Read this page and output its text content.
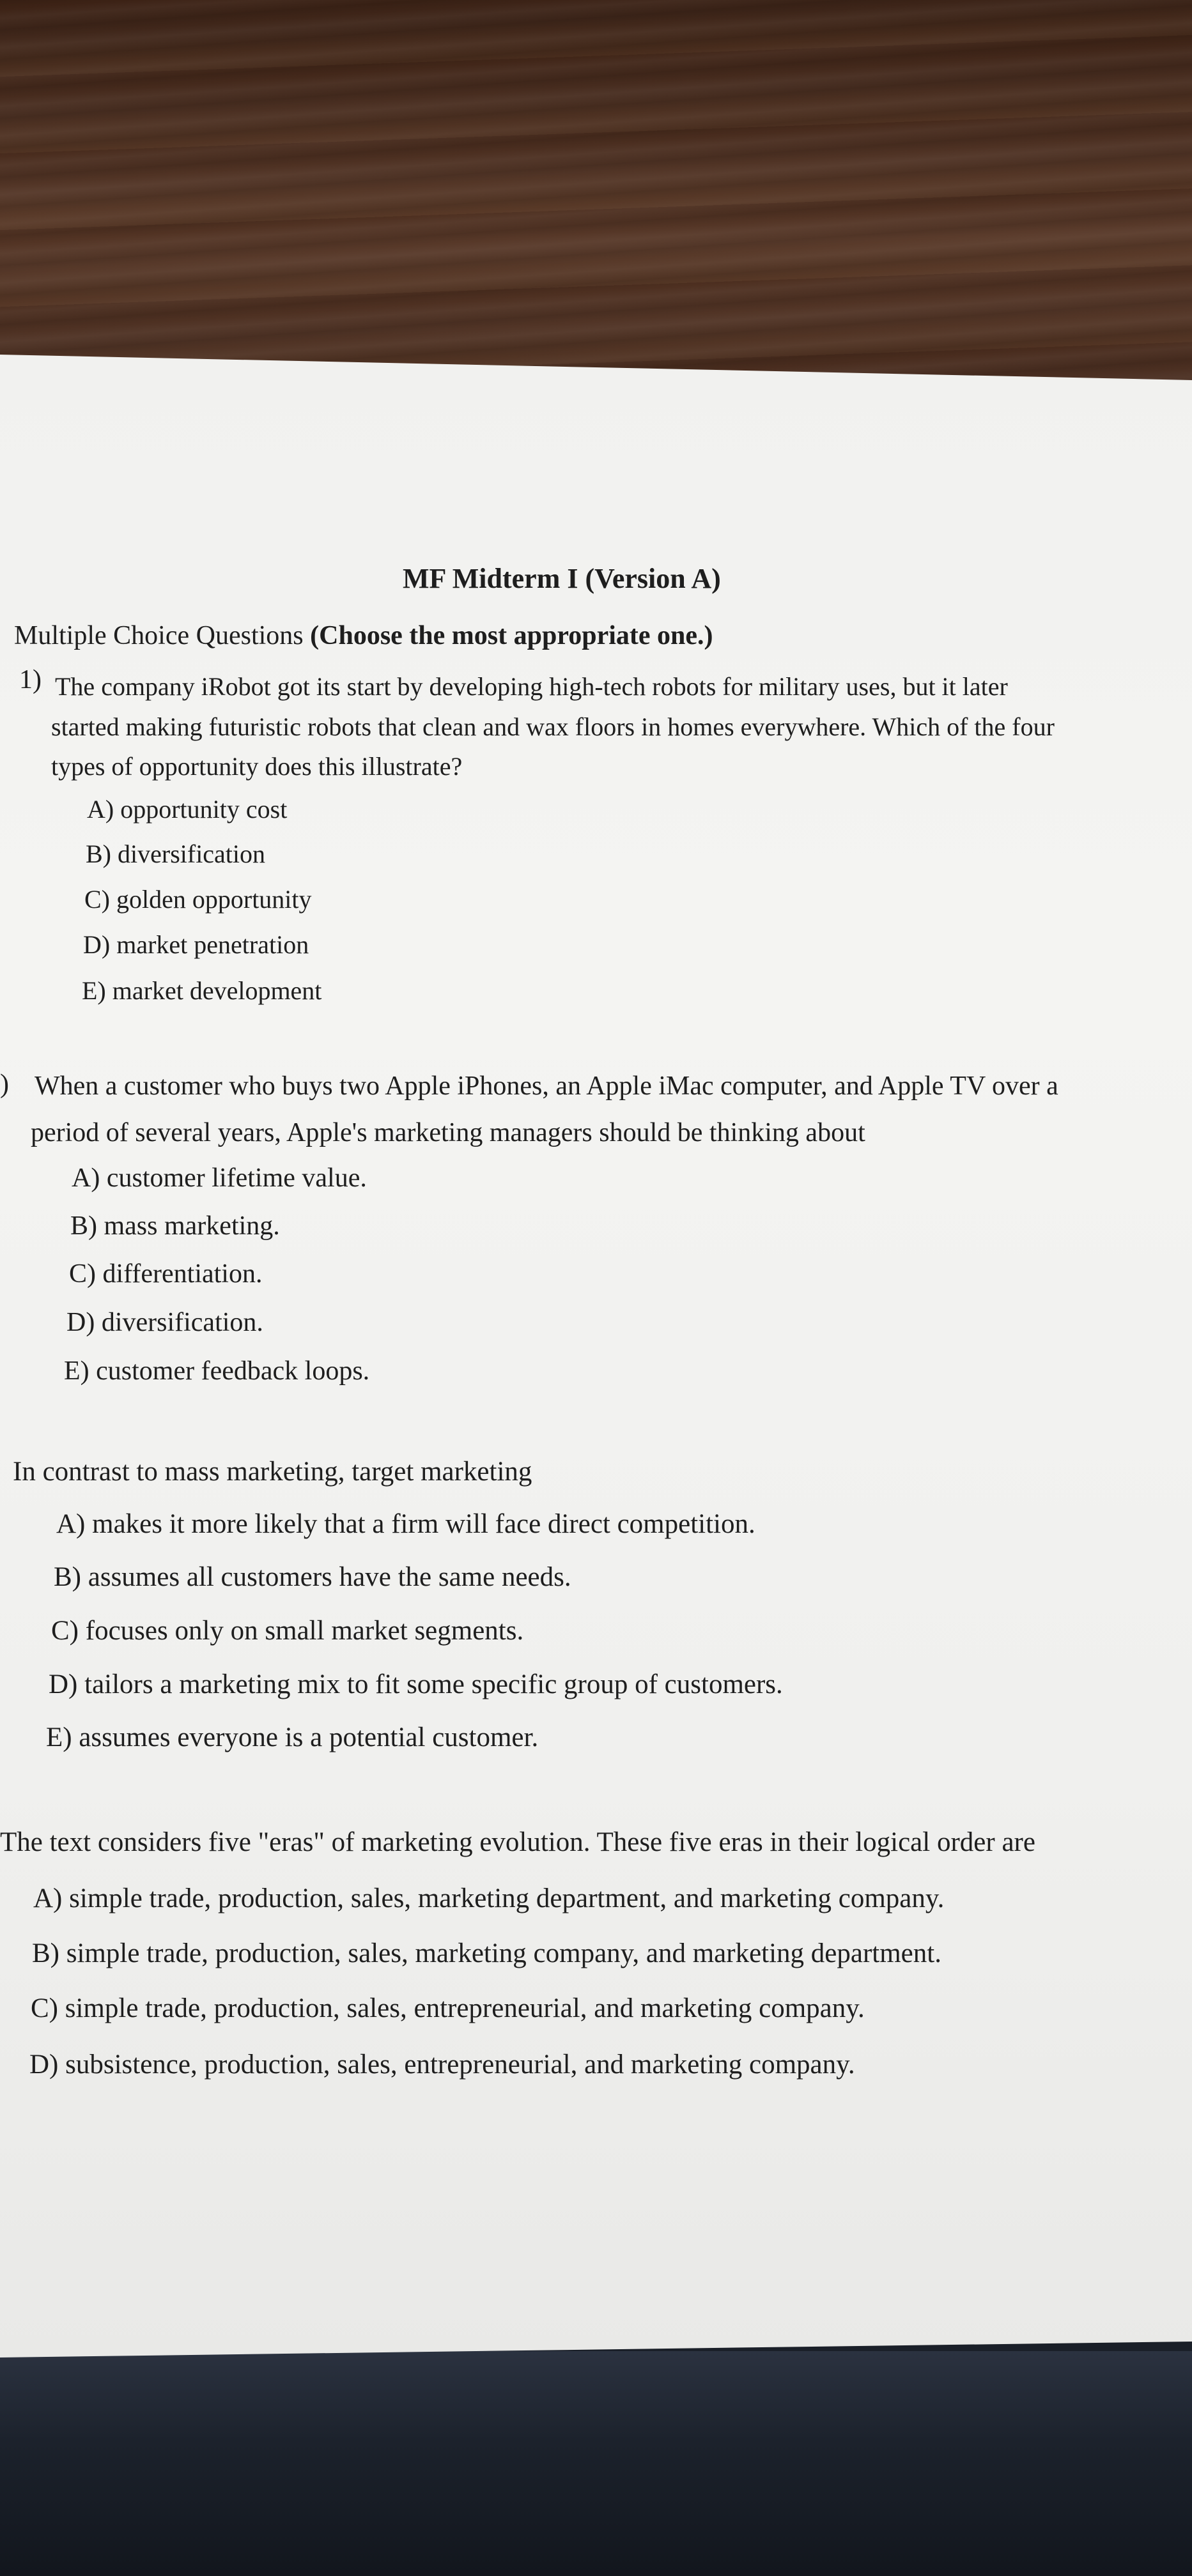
MF Midterm I (Version A)
Multiple Choice Questions (Choose the most appropriate one.)
1) The company iRobot got its start by developing high-tech robots for military uses, but it later
started making futuristic robots that clean and wax floors in homes everywhere. Which of the four
types of opportunity does this illustrate?
A) opportunity cost
B) diversification
C) golden opportunity
D) market penetration
E) market development
) When a customer who buys two Apple iPhones, an Apple iMac computer, and Apple TV over a
period of several years, Apple's marketing managers should be thinking about
A) customer lifetime value.
B) mass marketing.
C) differentiation.
D) diversification.
E) customer feedback loops.
In contrast to mass marketing, target marketing
A) makes it more likely that a firm will face direct competition.
B) assumes all customers have the same needs.
C) focuses only on small market segments.
D) tailors a marketing mix to fit some specific group of customers.
E) assumes everyone is a potential customer.
The text considers five "eras" of marketing evolution. These five eras in their logical order are
A) simple trade, production, sales, marketing department, and marketing company.
B) simple trade, production, sales, marketing company, and marketing department.
C) simple trade, production, sales, entrepreneurial, and marketing company.
D) subsistence, production, sales, entrepreneurial, and marketing company.
